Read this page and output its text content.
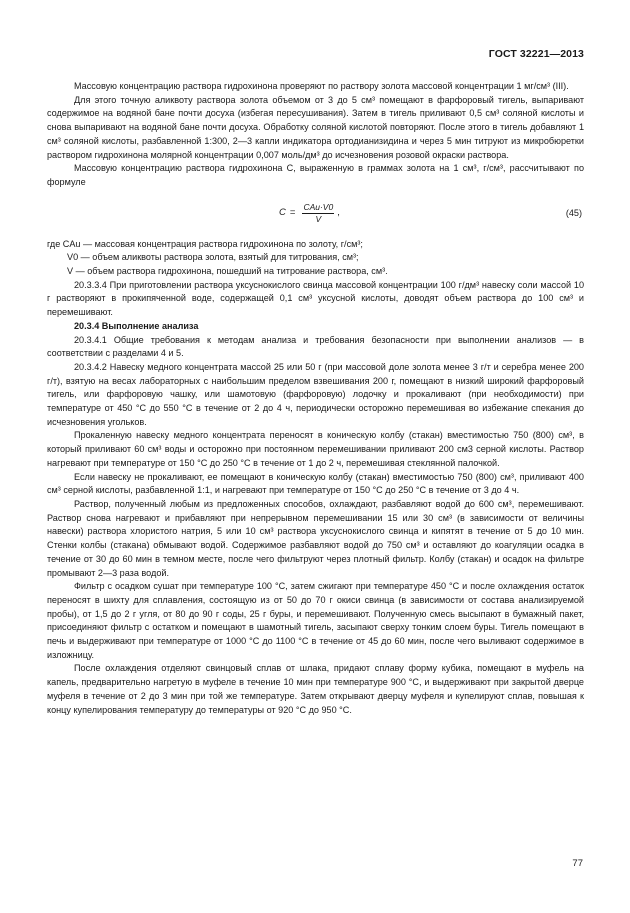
ГОСТ 32221—2013

Массовую концентрацию раствора гидрохинона проверяют по раствору золота массовой концентрации 1 мг/см³ (III).

Для этого точную аликвоту раствора золота объемом от 3 до 5 см³ помещают в фарфоровый тигель, выпаривают содержимое на водяной бане почти досуха (избегая пересушивания). Затем в тигель приливают 0,5 см³ соляной кислоты и снова выпаривают на водяной бане почти досуха. Обработку соляной кислотой повторяют. После этого в тигель добавляют 1 см³ соляной кислоты, разбавленной 1:300, 2—3 капли индикатора ортодианизидина и через 5 мин титруют из микробюретки раствором гидрохинона молярной концентрации 0,007 моль/дм³ до исчезновения розовой окраски раствора.

Массовую концентрацию раствора гидрохинона C, выраженную в граммах золота на 1 см³, г/см³, рассчитывают по формуле

$C = \frac{\text{CAu·V0}}{V}$ ,	(45)

где CAu — массовая концентрация раствора гидрохинона по золоту, г/см³;

V0 — объем аликвоты раствора золота, взятый для титрования, см³;

V — объем раствора гидрохинона, пошедший на титрование раствора, см³.

20.3.3.4 При приготовлении раствора уксуснокислого свинца массовой концентрации 100 г/дм³ навеску соли массой 10 г растворяют в прокипяченной воде, содержащей 0,1 см³ уксусной кислоты, доводят объем раствора до 100 см³ и перемешивают.

20.3.4 Выполнение анализа

20.3.4.1 Общие требования к методам анализа и требования безопасности при выполнении анализов — в соответствии с разделами 4 и 5.

20.3.4.2 Навеску медного концентрата массой 25 или 50 г (при массовой доле золота менее 3 г/т и серебра менее 200 г/т), взятую на весах лабораторных с наибольшим пределом взвешивания 200 г, помещают в низкий широкий фарфоровый тигель, или фарфоровую чашку, или шамотовую (фарфоровую) лодочку и прокаливают (при необходимости) при температуре от 450 °С до 550 °С в течение от 2 до 4 ч, периодически осторожно перемешивая во избежание спекания до исчезновения угольков.

Прокаленную навеску медного концентрата переносят в коническую колбу (стакан) вместимостью 750 (800) см³, в который приливают 60 см³ воды и осторожно при постоянном перемешивании приливают 200 см3 серной кислоты. Раствор нагревают при температуре от 150 °С до 250 °С в течение от 1 до 2 ч, перемешивая стеклянной палочкой.

Если навеску не прокаливают, ее помещают в коническую колбу (стакан) вместимостью 750 (800) см³, приливают 400 см³ серной кислоты, разбавленной 1:1, и нагревают при температуре от 150 °С до 250 °С в течение от 3 до 4 ч.

Раствор, полученный любым из предложенных способов, охлаждают, разбавляют водой до 600 см³, перемешивают. Раствор снова нагревают и прибавляют при непрерывном перемешивании 15 или 30 см³ (в зависимости от величины навески) раствора хлористого натрия, 5 или 10 см³ раствора уксуснокислого свинца и кипятят в течение от 5 до 10 мин. Стенки колбы (стакана) обмывают водой. Содержимое разбавляют водой до 750 см³ и оставляют до коагуляции осадка в течение от 30 до 60 мин в темном месте, после чего фильтруют через плотный фильтр. Колбу (стакан) и осадок на фильтре промывают 2—3 раза водой.

Фильтр с осадком сушат при температуре 100 °С, затем сжигают при температуре 450 °С и после охлаждения остаток переносят в шихту для сплавления, состоящую из от 50 до 70 г окиси свинца (в зависимости от состава анализируемой пробы), от 1,5 до 2 г угля, от 80 до 90 г соды, 25 г буры, и перемешивают. Полученную смесь высыпают в бумажный пакет, присоединяют фильтр с остатком и помещают в шамотный тигель, засыпают сверху тонким слоем буры. Тигель помещают в печь и выдерживают при температуре от 1000 °С до 1100 °С в течение от 45 до 60 мин, после чего выливают содержимое в изложницу.

После охлаждения отделяют свинцовый сплав от шлака, придают сплаву форму кубика, помещают в муфель на капель, предварительно нагретую в муфеле в течение 10 мин при температуре 900 °С, и выдерживают при закрытой дверце муфеля в течение от 2 до 3 мин при той же температуре. Затем открывают дверцу муфеля и купелируют сплав, повышая к концу купелирования температуру до температуры от 920 °С до 950 °С.

77
